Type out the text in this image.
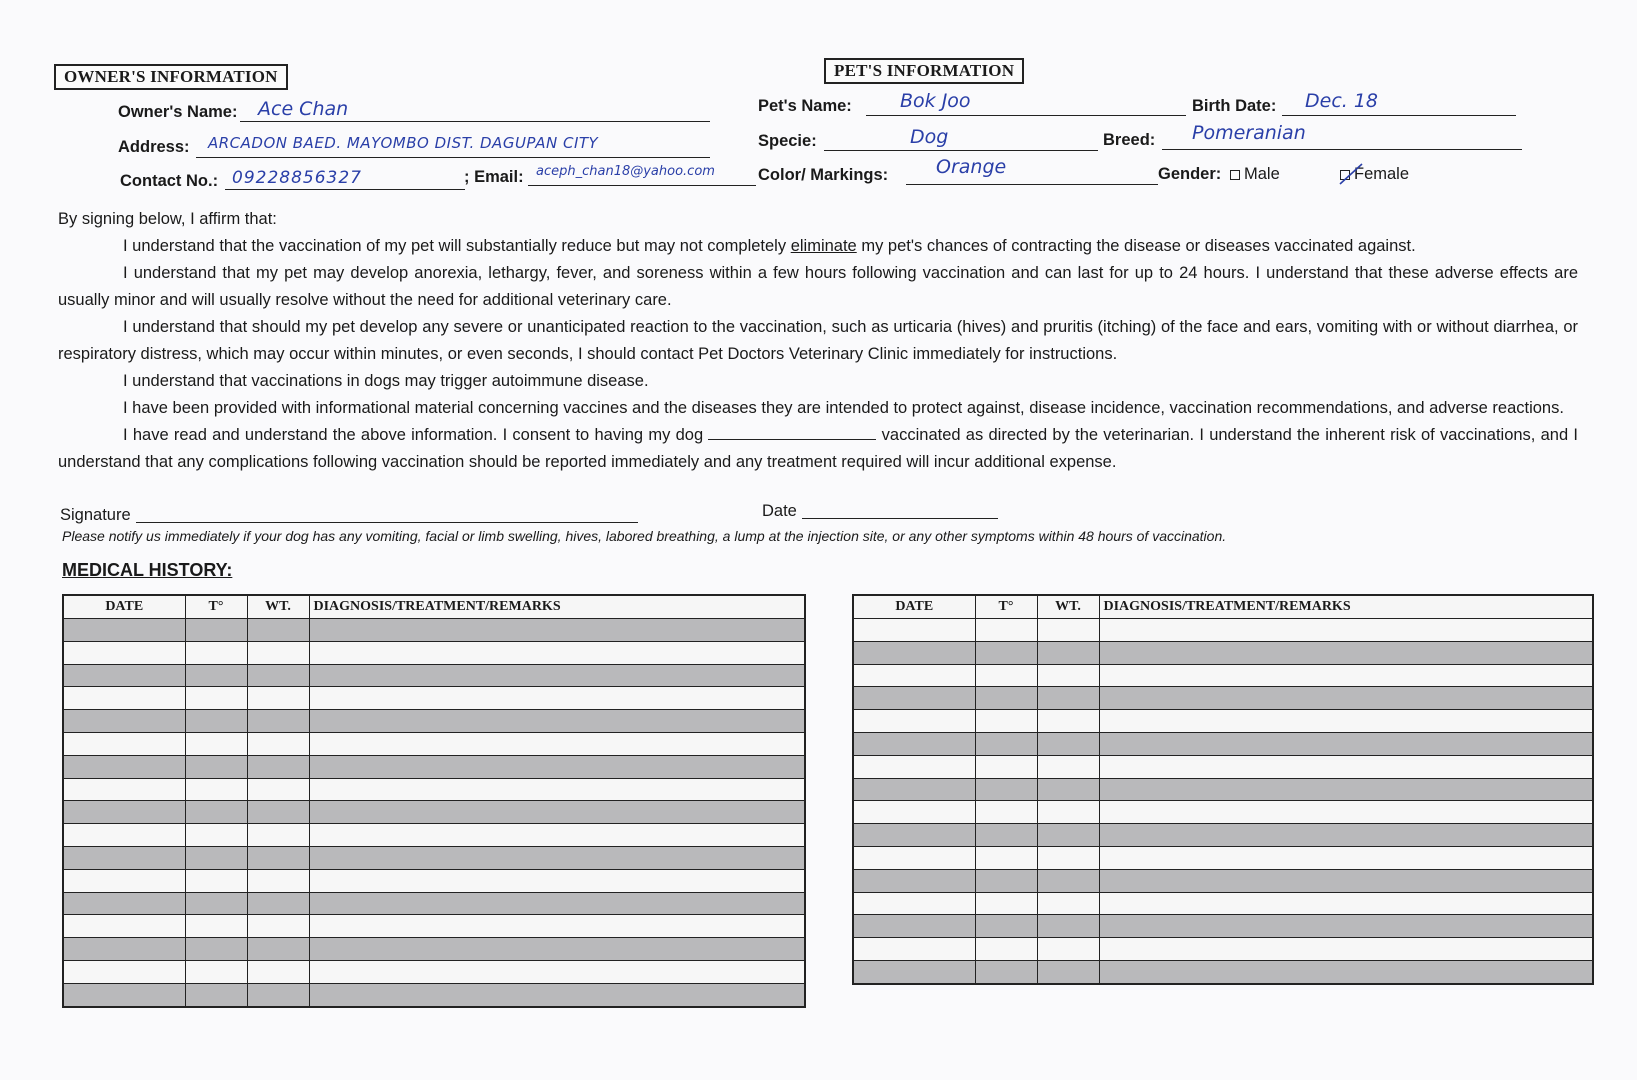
OWNER'S INFORMATION
Owner's Name: Ace Chan
Address: ARCADON BAED. MAYOMBO DIST. DAGUPAN CITY
Contact No.: 09228856327	; Email: aceph_chan18@yahoo.com
PET'S INFORMATION
Pet's Name:	Bok Joo	Birth Date: Dec. 18
Specie:	Dog	Breed: Pomeranian
Color/ Markings:	Orange	Gender:	Male	Female

By signing below, I affirm that:

I understand that the vaccination of my pet will substantially reduce but may not completely eliminate my pet's chances of contracting the disease or diseases vaccinated against.

I understand that my pet may develop anorexia, lethargy, fever, and soreness within a few hours following vaccination and can last for up to 24 hours. I understand that these adverse effects are usually minor and will usually resolve without the need for additional veterinary care.

I understand that should my pet develop any severe or unanticipated reaction to the vaccination, such as urticaria (hives) and pruritis (itching) of the face and ears, vomiting with or without diarrhea, or respiratory distress, which may occur within minutes, or even seconds, I should contact Pet Doctors Veterinary Clinic immediately for instructions.

I understand that vaccinations in dogs may trigger autoimmune disease.

I have been provided with informational material concerning vaccines and the diseases they are intended to protect against, disease incidence, vaccination recommendations, and adverse reactions.

I have read and understand the above information. I consent to having my dog	vaccinated as directed by the veterinarian. I understand the inherent risk of vaccinations, and I understand that any complications following vaccination should be reported immediately and any treatment required will incur additional expense.

Signature	Date
Please notify us immediately if your dog has any vomiting, facial or limb swelling, hives, labored breathing, a lump at the injection site, or any other symptoms within 48 hours of vaccination.
MEDICAL HISTORY:
DATE	T°	WT.	DIAGNOSIS/TREATMENT/REMARKS

				DATE	T°	WT.	DIAGNOSIS/TREATMENT/REMARKS
